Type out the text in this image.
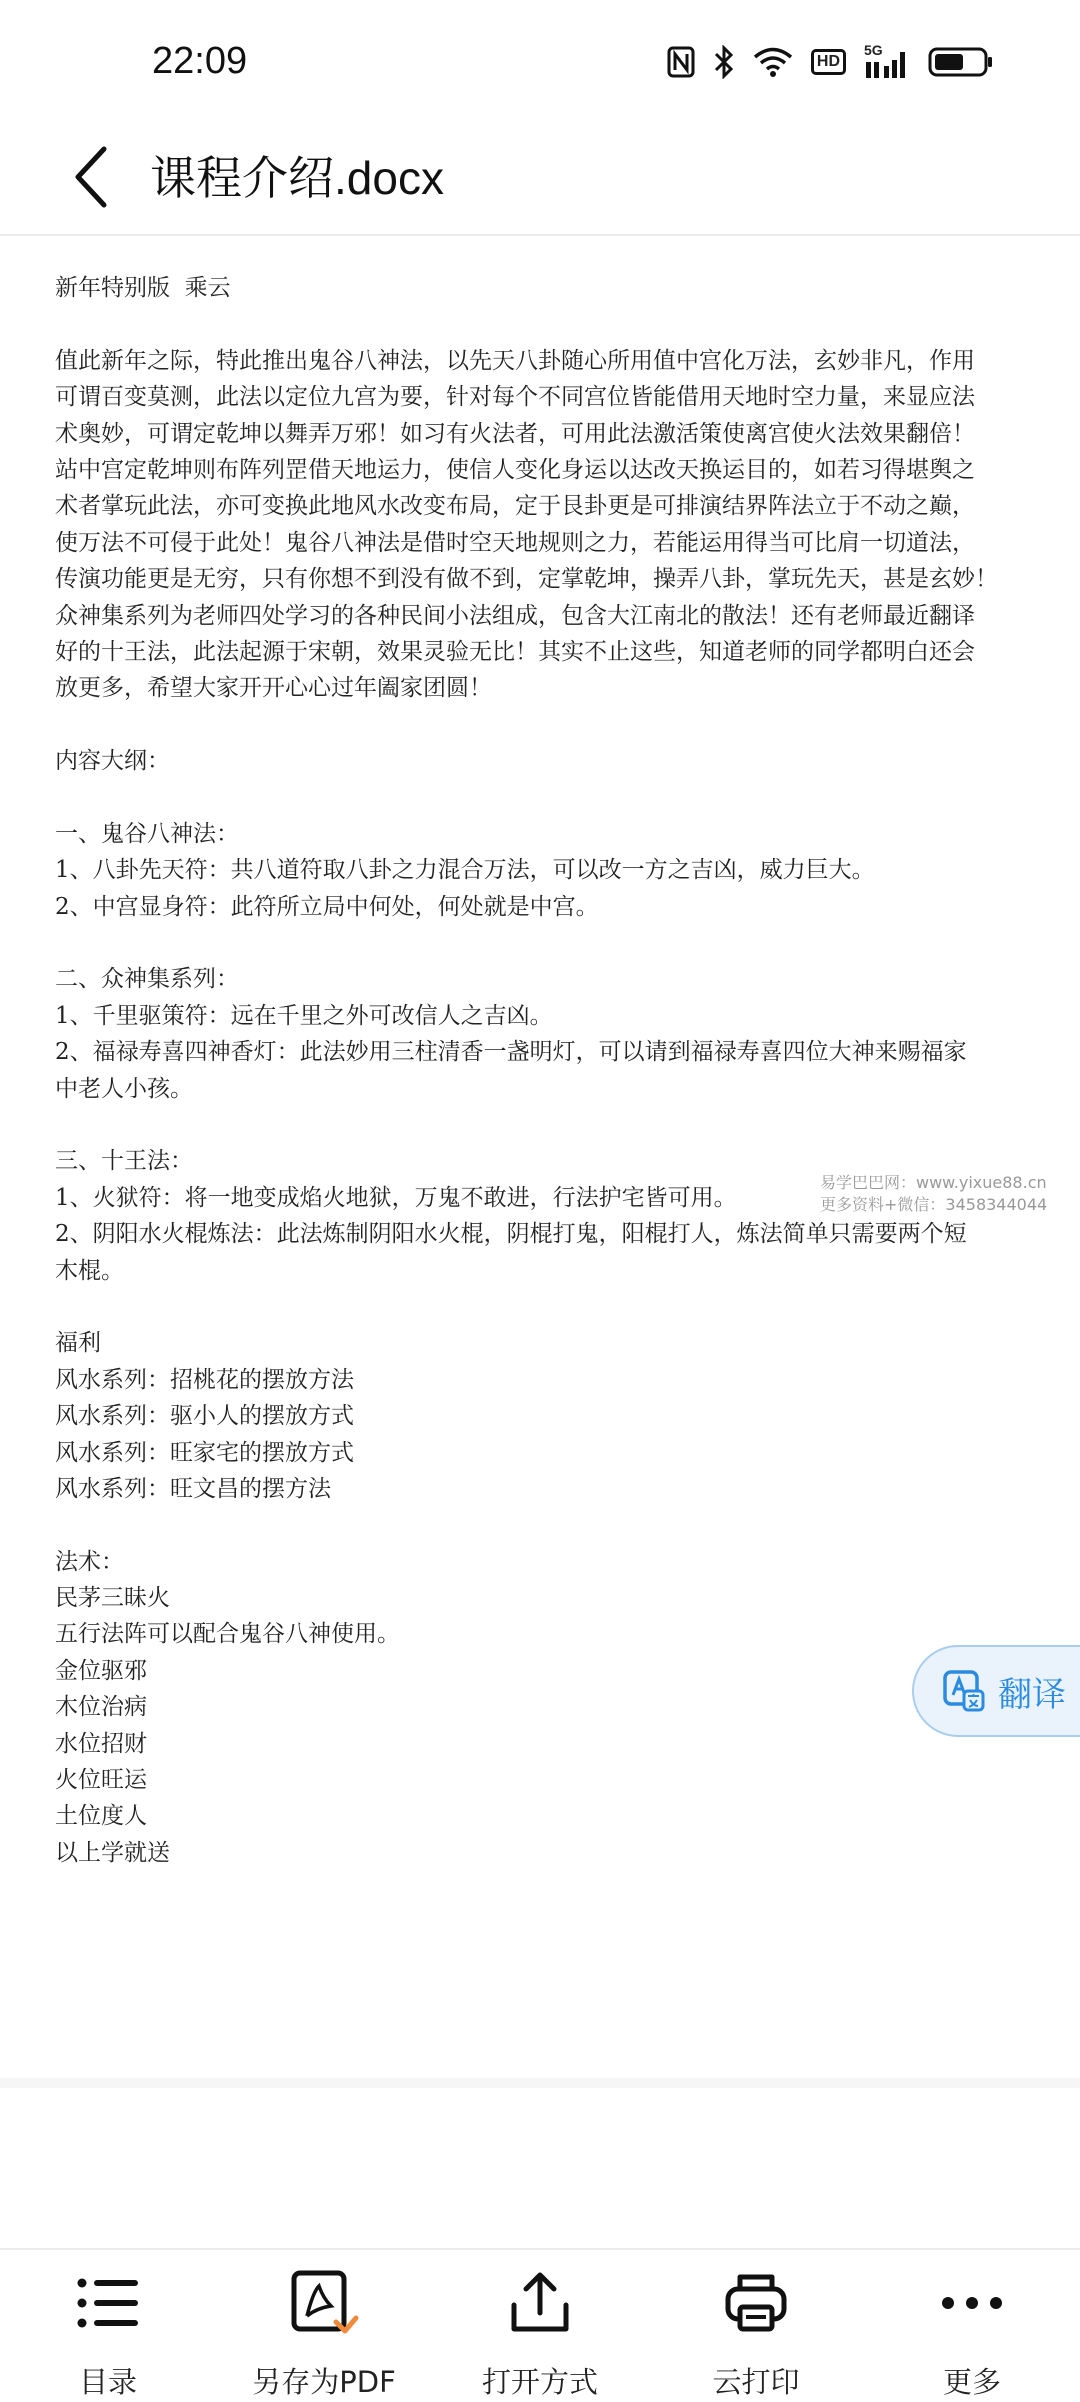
22:09	HD
5G
课程介绍.docx
新年特别版  乘云
值此新年之际，特此推出鬼谷八神法，以先天八卦随心所用值中宫化万法，玄妙非凡，作用
可谓百变莫测，此法以定位九宫为要，针对每个不同宫位皆能借用天地时空力量，来显应法
术奥妙，可谓定乾坤以舞弄万邪！如习有火法者，可用此法激活策使离宫使火法效果翻倍！
站中宫定乾坤则布阵列罡借天地运力，使信人变化身运以达改天换运目的，如若习得堪舆之
术者掌玩此法，亦可变换此地风水改变布局，定于艮卦更是可排演结界阵法立于不动之巅，
使万法不可侵于此处！鬼谷八神法是借时空天地规则之力，若能运用得当可比肩一切道法，
传演功能更是无穷，只有你想不到没有做不到，定掌乾坤，操弄八卦，掌玩先天，甚是玄妙！
众神集系列为老师四处学习的各种民间小法组成，包含大江南北的散法！还有老师最近翻译
好的十王法，此法起源于宋朝，效果灵验无比！其实不止这些，知道老师的同学都明白还会
放更多，希望大家开开心心过年阖家团圆！
内容大纲：
一、鬼谷八神法：
1、八卦先天符：共八道符取八卦之力混合万法，可以改一方之吉凶，威力巨大。
2、中宫显身符：此符所立局中何处，何处就是中宫。
二、众神集系列：
1、千里驱策符：远在千里之外可改信人之吉凶。
2、福禄寿喜四神香灯：此法妙用三柱清香一盏明灯，可以请到福禄寿喜四位大神来赐福家
中老人小孩。
三、十王法：
1、火狱符：将一地变成焰火地狱，万鬼不敢进，行法护宅皆可用。
2、阴阳水火棍炼法：此法炼制阴阳水火棍，阴棍打鬼，阳棍打人，炼法简单只需要两个短
木棍。
福利
风水系列：招桃花的摆放方法
风水系列：驱小人的摆放方式
风水系列：旺家宅的摆放方式
风水系列：旺文昌的摆方法
法术：
民茅三昧火
五行法阵可以配合鬼谷八神使用。
金位驱邪
木位治病
水位招财
火位旺运
土位度人
以上学就送
易学巴巴网：www.yixue88.cn
更多资料+微信：3458344044
翻译
目录	另存为PDF	打开方式	云打印	更多
